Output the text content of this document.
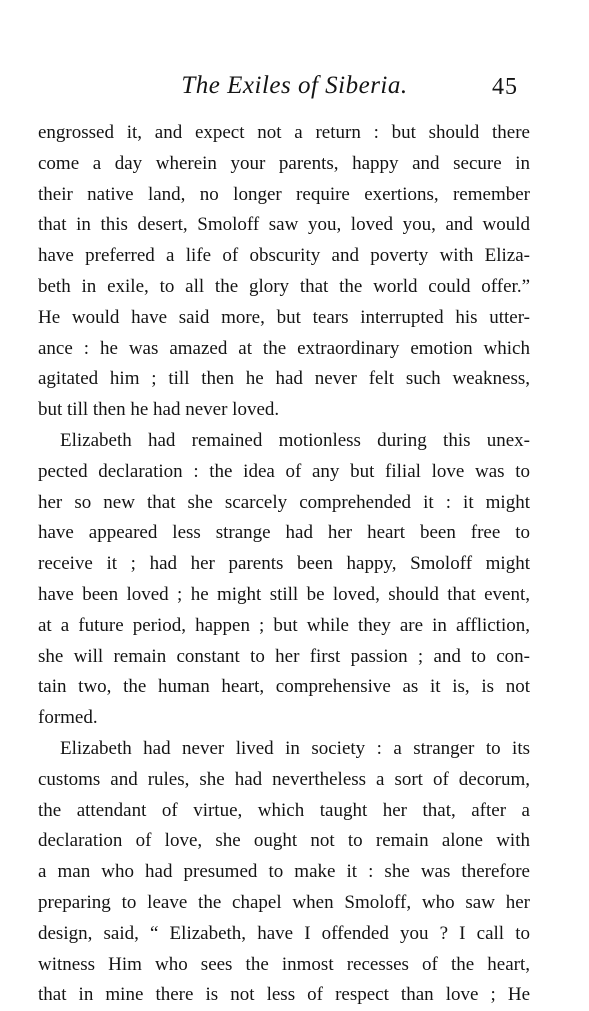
The Exiles of Siberia.	45
engrossed it, and expect not a return : but should there
come a day wherein your parents, happy and secure in
their native land, no longer require exertions, remember
that in this desert, Smoloff saw you, loved you, and would
have preferred a life of obscurity and poverty with Eliza-
beth in exile, to all the glory that the world could offer.”
He would have said more, but tears interrupted his utter-
ance : he was amazed at the extraordinary emotion which
agitated him ; till then he had never felt such weakness,
but till then he had never loved.
Elizabeth had remained motionless during this unex-
pected declaration : the idea of any but filial love was to
her so new that she scarcely comprehended it : it might
have appeared less strange had her heart been free to
receive it ; had her parents been happy, Smoloff might
have been loved ; he might still be loved, should that event,
at a future period, happen ; but while they are in affliction,
she will remain constant to her first passion ; and to con-
tain two, the human heart, comprehensive as it is, is not
formed.
Elizabeth had never lived in society : a stranger to its
customs and rules, she had nevertheless a sort of decorum,
the attendant of virtue, which taught her that, after a
declaration of love, she ought not to remain alone with
a man who had presumed to make it : she was therefore
preparing to leave the chapel when Smoloff, who saw her
design, said, “ Elizabeth, have I offended you ? I call to
witness Him who sees the inmost recesses of the heart,
that in mine there is not less of respect than love ; He
